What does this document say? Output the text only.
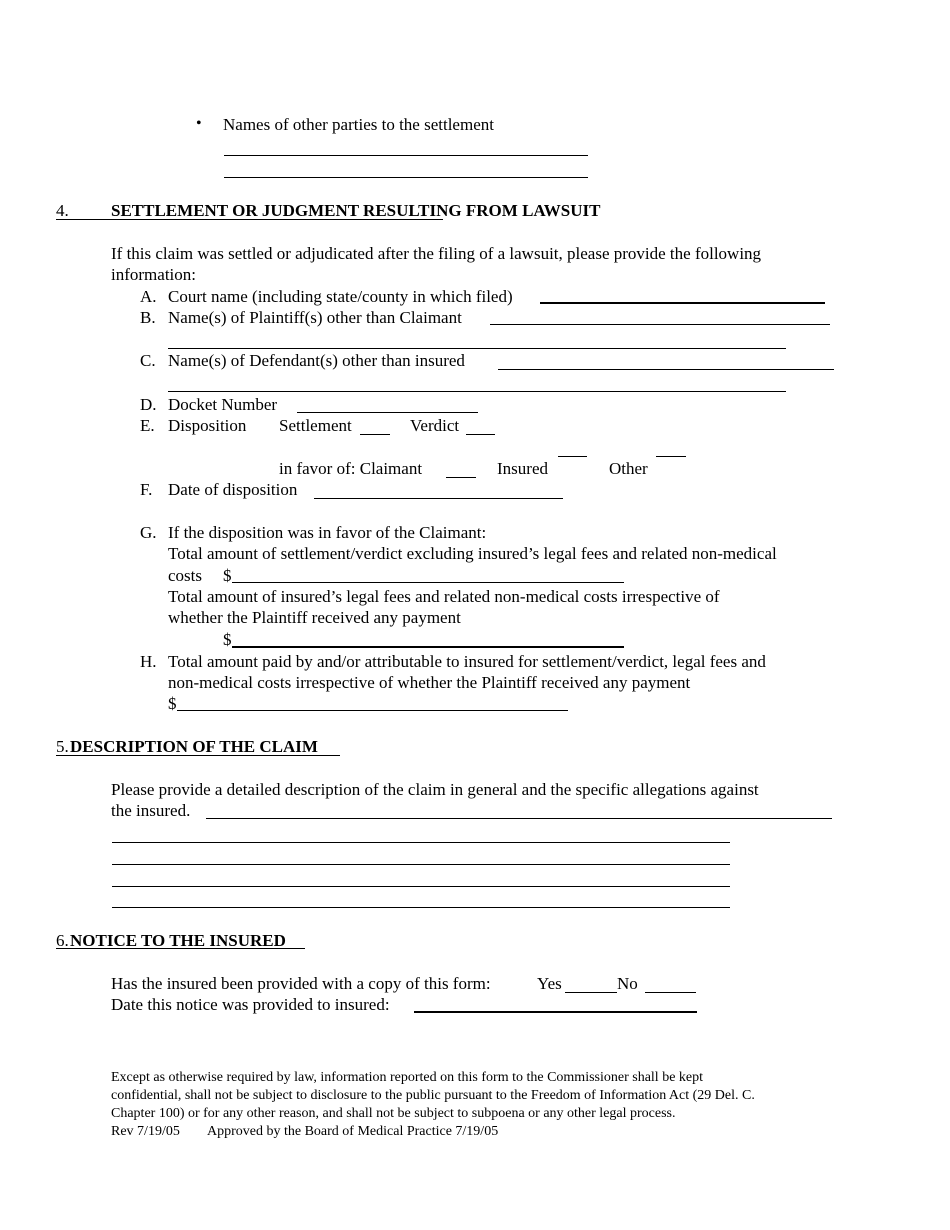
• Names of other parties to the settlement
4. SETTLEMENT OR JUDGMENT RESULTING FROM LAWSUIT
If this claim was settled or adjudicated after the filing of a lawsuit, please provide the following
information:
A. Court name (including state/county in which filed)
B. Name(s) of Plaintiff(s) other than Claimant
C. Name(s) of Defendant(s) other than insured
D. Docket Number
E. Disposition Settlement	Verdict
in favor of: Claimant	Insured	Other
F. Date of disposition
G. If the disposition was in favor of the Claimant:
Total amount of settlement/verdict excluding insured’s legal fees and related non-medical
costs $
Total amount of insured’s legal fees and related non-medical costs irrespective of
whether the Plaintiff received any payment
$
H. Total amount paid by and/or attributable to insured for settlement/verdict, legal fees and
non-medical costs irrespective of whether the Plaintiff received any payment
$
5. DESCRIPTION OF THE CLAIM
Please provide a detailed description of the claim in general and the specific allegations against
the insured.
6. NOTICE TO THE INSURED
Has the insured been provided with a copy of this form:	Yes	No
Date this notice was provided to insured:
Except as otherwise required by law, information reported on this form to the Commissioner shall be kept
confidential, shall not be subject to disclosure to the public pursuant to the Freedom of Information Act (29 Del. C.
Chapter 100) or for any other reason, and shall not be subject to subpoena or any other legal process.
Rev 7/19/05 Approved by the Board of Medical Practice 7/19/05
